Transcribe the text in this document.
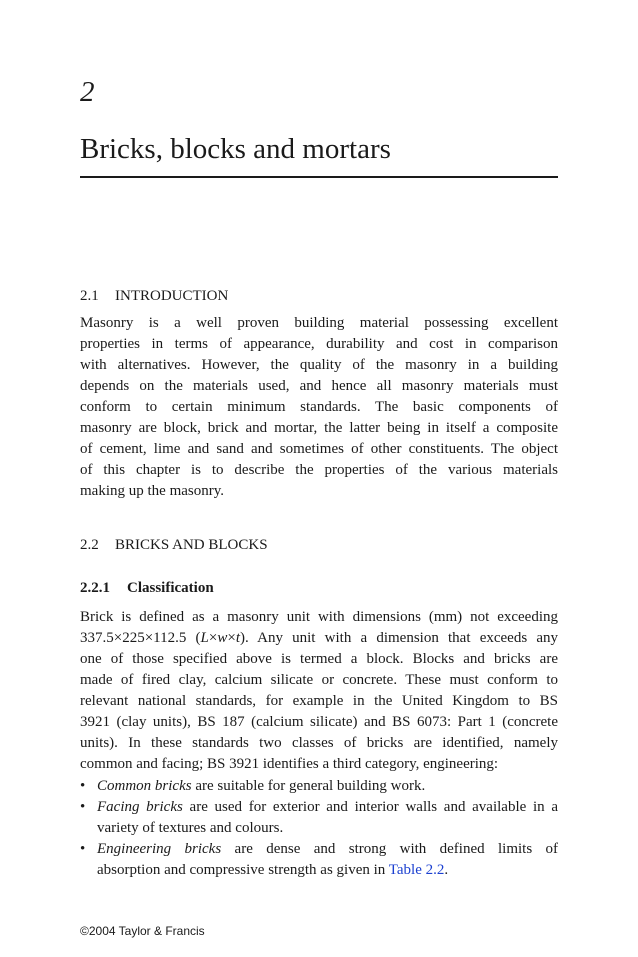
2
Bricks, blocks and mortars
2.1 INTRODUCTION

Masonry is a well proven building material possessing excellent
properties in terms of appearance, durability and cost in comparison
with alternatives. However, the quality of the masonry in a building
depends on the materials used, and hence all masonry materials must
conform to certain minimum standards. The basic components of
masonry are block, brick and mortar, the latter being in itself a composite
of cement, lime and sand and sometimes of other constituents. The object
of this chapter is to describe the properties of the various materials
making up the masonry.

2.2 BRICKS AND BLOCKS
2.2.1 Classification

Brick is defined as a masonry unit with dimensions (mm) not exceeding
337.5×225×112.5 (L×w×t). Any unit with a dimension that exceeds any
one of those specified above is termed a block. Blocks and bricks are
made of fired clay, calcium silicate or concrete. These must conform to
relevant national standards, for example in the United Kingdom to BS
3921 (clay units), BS 187 (calcium silicate) and BS 6073: Part 1 (concrete
units). In these standards two classes of bricks are identified, namely
common and facing; BS 3921 identifies a third category, engineering:

• Common bricks are suitable for general building work.
• Facing bricks are used for exterior and interior walls and available in a
variety of textures and colours.
• Engineering bricks are dense and strong with defined limits of
absorption and compressive strength as given in Table 2.2.
©2004 Taylor & Francis
